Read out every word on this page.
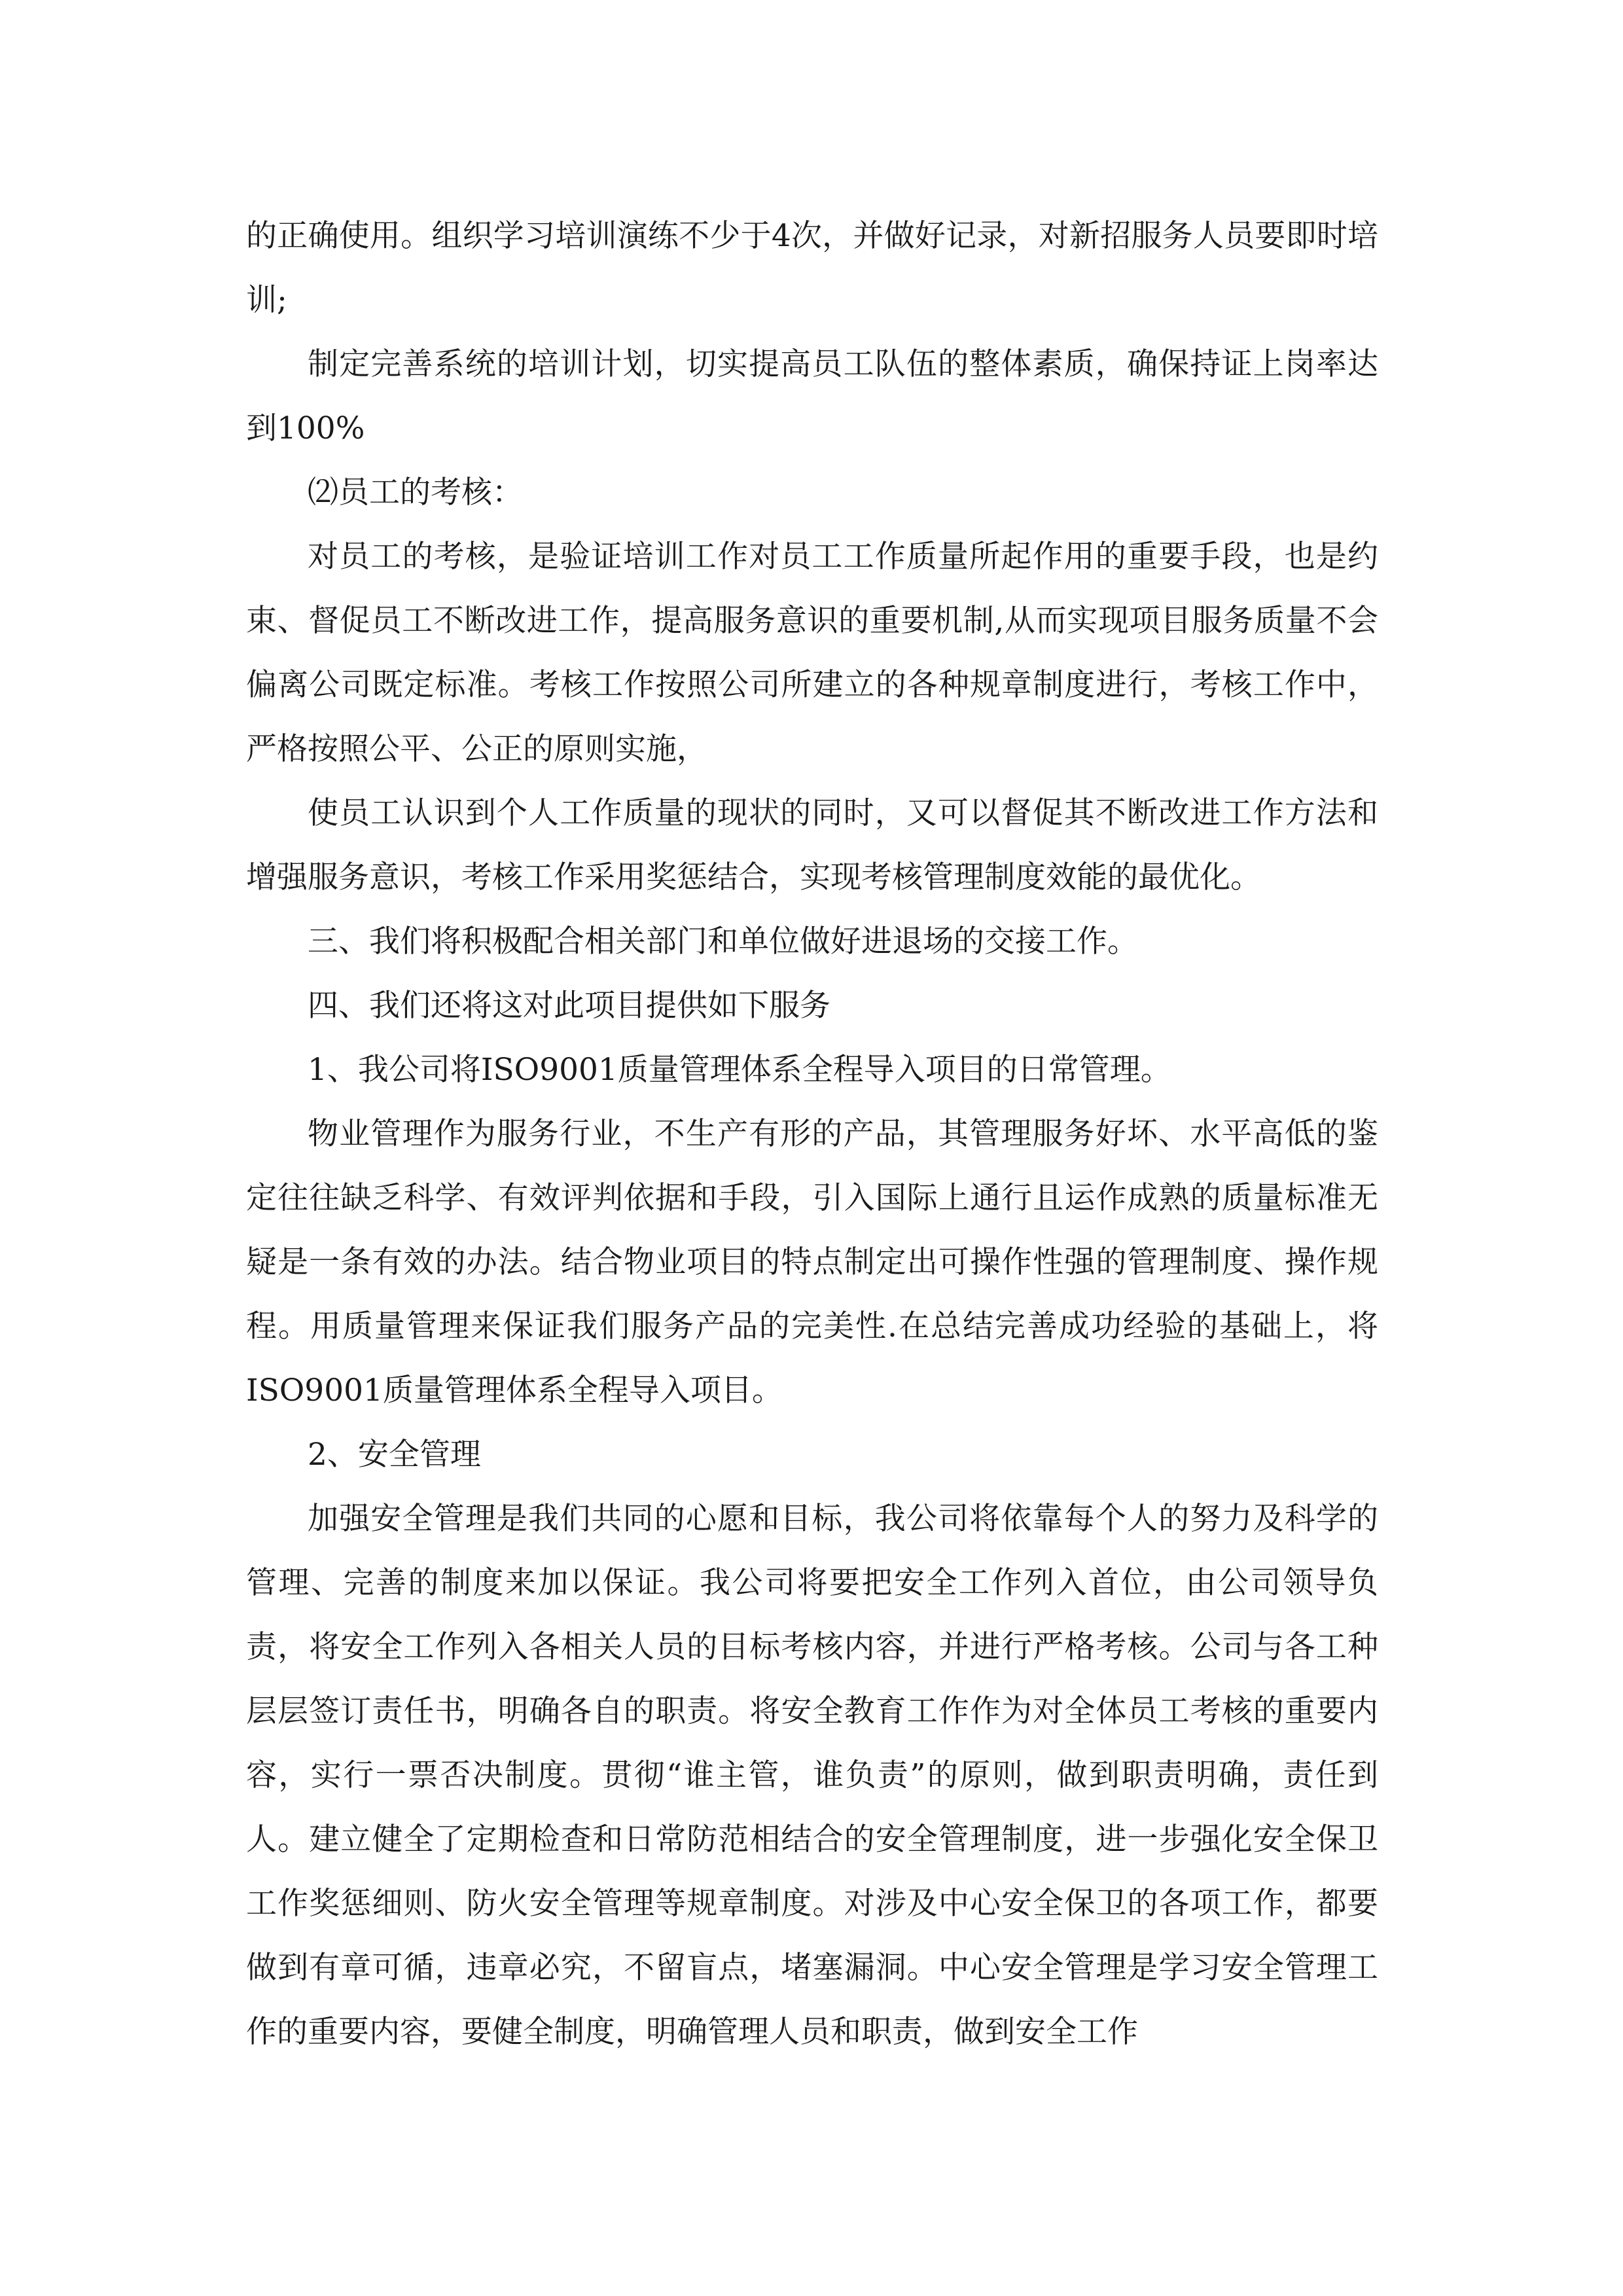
的正确使用。组织学习培训演练不少于4次，并做好记录，对新招服务人员要即时培训;

制定完善系统的培训计划，切实提高员工队伍的整体素质，确保持证上岗率达到100%

⑵员工的考核：

对员工的考核，是验证培训工作对员工工作质量所起作用的重要手段，也是约束、督促员工不断改进工作，提高服务意识的重要机制,从而实现项目服务质量不会偏离公司既定标准。考核工作按照公司所建立的各种规章制度进行，考核工作中，严格按照公平、公正的原则实施，

使员工认识到个人工作质量的现状的同时，又可以督促其不断改进工作方法和增强服务意识，考核工作采用奖惩结合，实现考核管理制度效能的最优化。

三、我们将积极配合相关部门和单位做好进退场的交接工作。

四、我们还将这对此项目提供如下服务

1、我公司将ISO9001质量管理体系全程导入项目的日常管理。

物业管理作为服务行业，不生产有形的产品，其管理服务好坏、水平高低的鉴定往往缺乏科学、有效评判依据和手段，引入国际上通行且运作成熟的质量标准无疑是一条有效的办法。结合物业项目的特点制定出可操作性强的管理制度、操作规程。用质量管理来保证我们服务产品的完美性.在总结完善成功经验的基础上，将ISO9001质量管理体系全程导入项目。

2、安全管理

加强安全管理是我们共同的心愿和目标，我公司将依靠每个人的努力及科学的管理、完善的制度来加以保证。我公司将要把安全工作列入首位，由公司领导负责，将安全工作列入各相关人员的目标考核内容，并进行严格考核。公司与各工种层层签订责任书，明确各自的职责。将安全教育工作作为对全体员工考核的重要内容，实行一票否决制度。贯彻“谁主管，谁负责”的原则，做到职责明确，责任到人。建立健全了定期检查和日常防范相结合的安全管理制度，进一步强化安全保卫工作奖惩细则、防火安全管理等规章制度。对涉及中心安全保卫的各项工作，都要做到有章可循，违章必究，不留盲点，堵塞漏洞。中心安全管理是学习安全管理工作的重要内容，要健全制度，明确管理人员和职责，做到安全工作
